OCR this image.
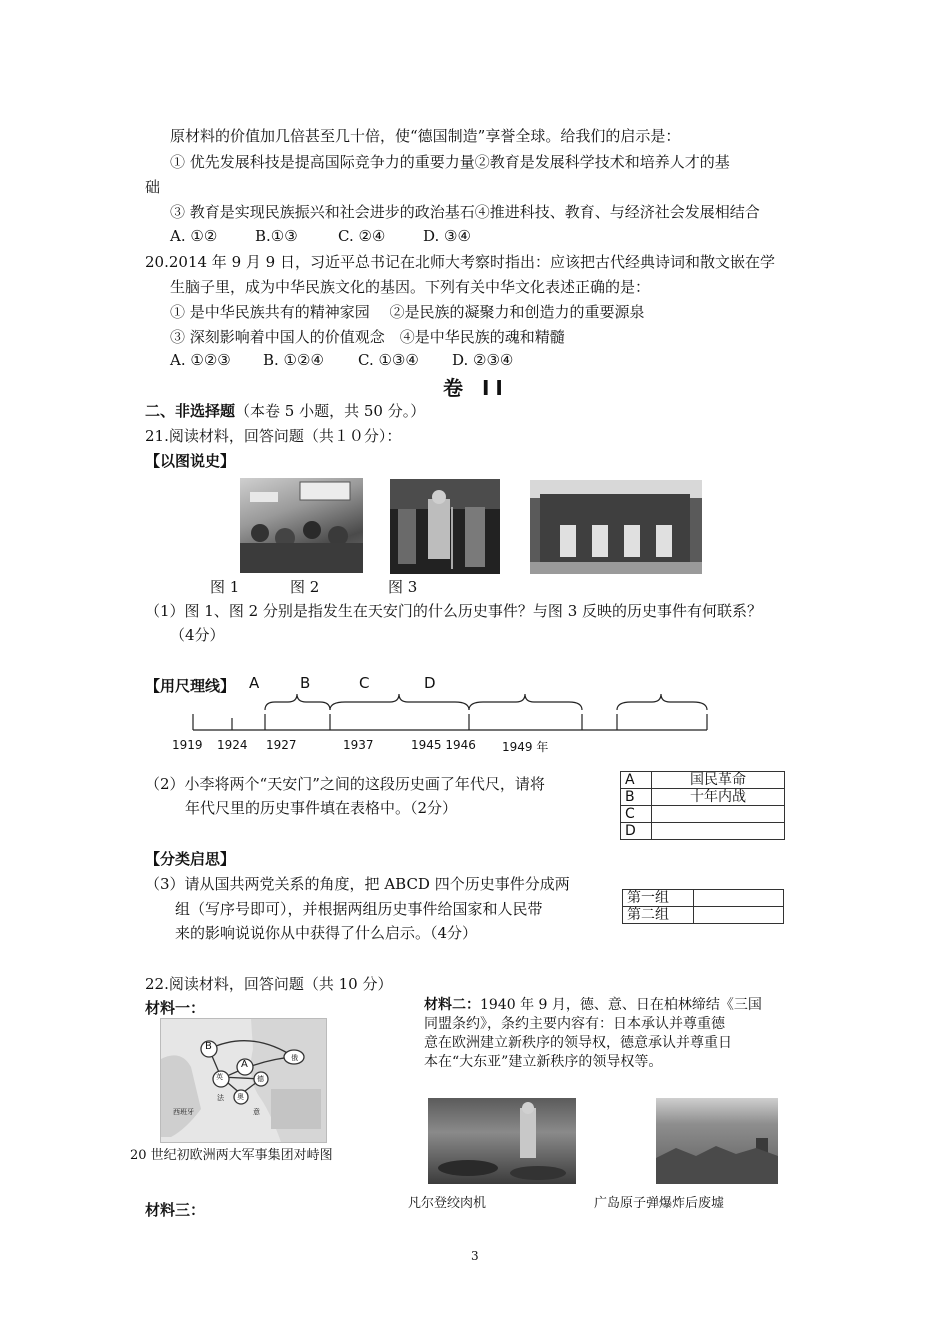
原材料的价值加几倍甚至几十倍，使“德国制造”享誉全球。给我们的启示是：
① 优先发展科技是提高国际竞争力的重要力量②教育是发展科学技术和培养人才的基
础
③ 教育是实现民族振兴和社会进步的政治基石④推进科技、教育、与经济社会发展相结合
A. ①②	B.①③	C. ②④	D. ③④
20.2014 年 9 月 9 日，习近平总书记在北师大考察时指出：应该把古代经典诗词和散文嵌在学
生脑子里，成为中华民族文化的基因。下列有关中华文化表述正确的是：
① 是中华民族共有的精神家园　 ②是民族的凝聚力和创造力的重要源泉
③ 深刻影响着中国人的价值观念　④是中华民族的魂和精髓
A. ①②③ B. ①②④ C. ①③④ D. ②③④
卷 II
二、非选择题（本卷 5 小题，共 50 分。）
21.阅读材料，回答问题（共１０分）：
【以图说史】
图 1	图 2	图 3
（1）图 1、图 2 分别是指发生在天安门的什么历史事件？与图 3 反映的历史事件有何联系？
（4分）
【用尺理线】 A	B	C	D
1919 1924 1927	1937	1945 1946 1949 年
（2）小李将两个“天安门”之间的这段历史画了年代尺，请将
年代尺里的历史事件填在表格中。（2分）
A	国民革命
B	十年内战
C	
D	
【分类启思】
（3）请从国共两党关系的角度，把 ABCD 四个历史事件分成两
组（写序号即可），并根据两组历史事件给国家和人民带
来的影响说说你从中获得了什么启示。（4分）
第一组	
第二组	
22.阅读材料，回答问题（共 10 分）
材料一：
B
A
英
法
德
奥
意
俄
西班牙
20 世纪初欧洲两大军事集团对峙图
材料二：1940 年 9 月，德、意、日在柏林缔结《三国
同盟条约》，条约主要内容有：日本承认并尊重德
意在欧洲建立新秩序的领导权，德意承认并尊重日
本在“大东亚”建立新秩序的领导权等。
凡尔登绞肉机	广岛原子弹爆炸后废墟
材料三：
3
